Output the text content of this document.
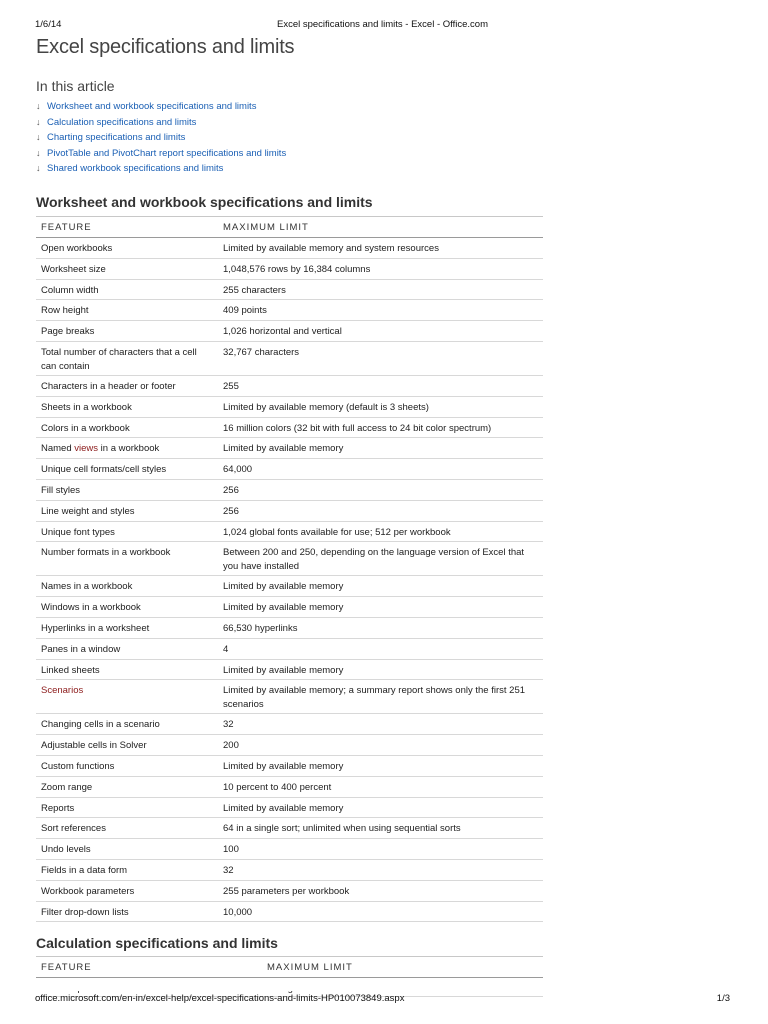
1/6/14	Excel specifications and limits - Excel - Office.com
Excel specifications and limits
In this article
↓ Worksheet and workbook specifications and limits
↓ Calculation specifications and limits
↓ Charting specifications and limits
↓ PivotTable and PivotChart report specifications and limits
↓ Shared workbook specifications and limits
Worksheet and workbook specifications and limits
FEATURE	MAXIMUM LIMIT
Open workbooks	Limited by available memory and system resources
Worksheet size	1,048,576 rows by 16,384 columns
Column width	255 characters
Row height	409 points
Page breaks	1,026 horizontal and vertical
Total number of characters that a cell can contain	32,767 characters
Characters in a header or footer	255
Sheets in a workbook	Limited by available memory (default is 3 sheets)
Colors in a workbook	16 million colors (32 bit with full access to 24 bit color spectrum)
Named views in a workbook	Limited by available memory
Unique cell formats/cell styles	64,000
Fill styles	256
Line weight and styles	256
Unique font types	1,024 global fonts available for use; 512 per workbook
Number formats in a workbook	Between 200 and 250, depending on the language version of Excel that you have installed
Names in a workbook	Limited by available memory
Windows in a workbook	Limited by available memory
Hyperlinks in a worksheet	66,530 hyperlinks
Panes in a window	4
Linked sheets	Limited by available memory
Scenarios	Limited by available memory; a summary report shows only the first 251 scenarios
Changing cells in a scenario	32
Adjustable cells in Solver	200
Custom functions	Limited by available memory
Zoom range	10 percent to 400 percent
Reports	Limited by available memory
Sort references	64 in a single sort; unlimited when using sequential sorts
Undo levels	100
Fields in a data form	32
Workbook parameters	255 parameters per workbook
Filter drop-down lists	10,000
Calculation specifications and limits
FEATURE	MAXIMUM LIMIT

office.microsoft.com/en-in/excel-help/excel-specifications-and-limits-HP010073849.aspx	1/3
